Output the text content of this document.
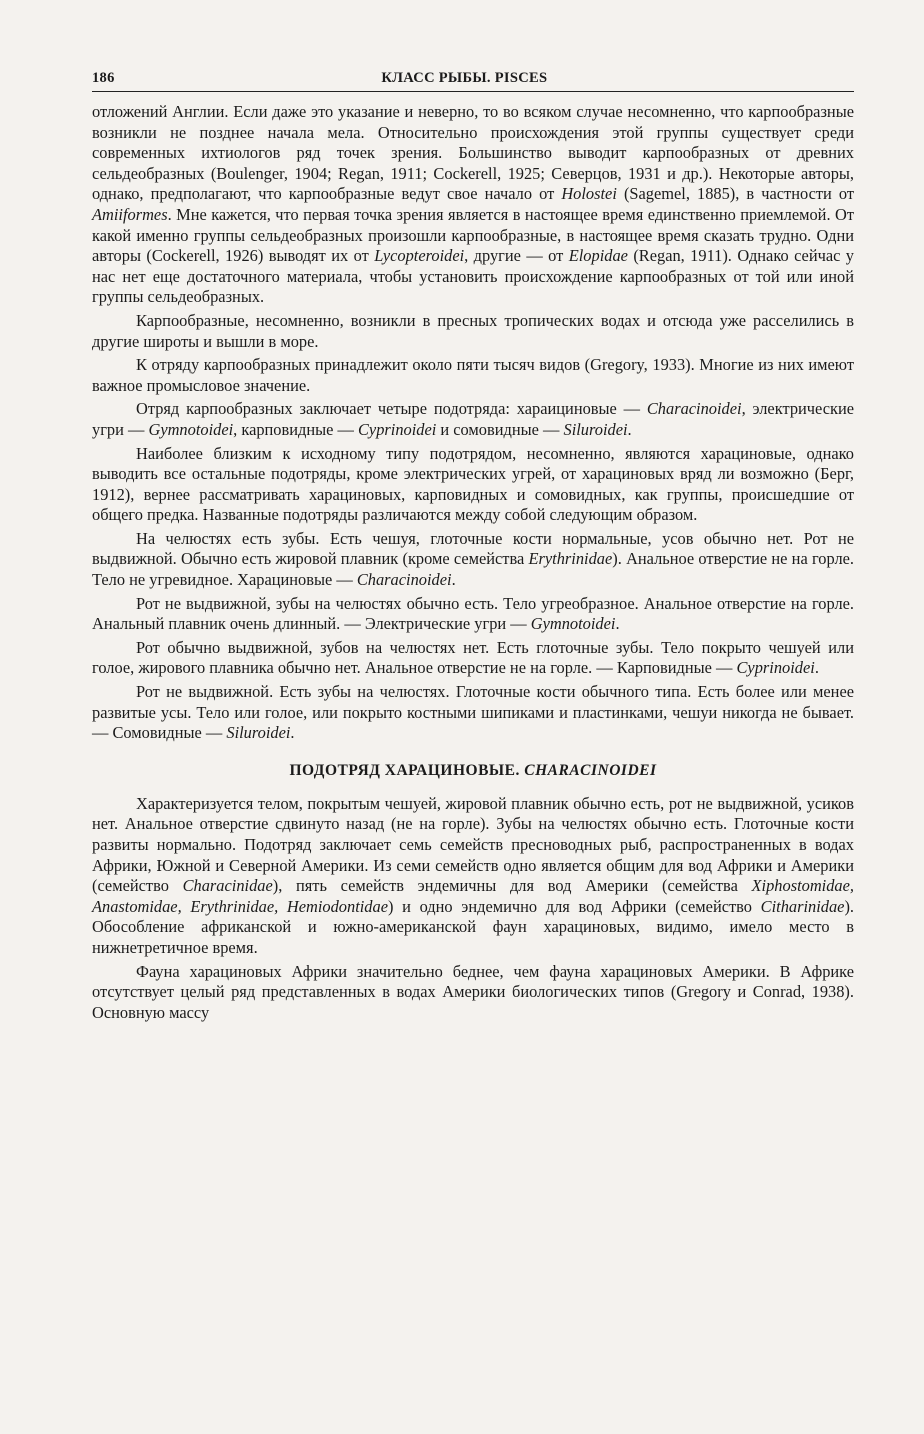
186	КЛАСС РЫБЫ. PISCES

отложений Англии. Если даже это указание и неверно, то во всяком случае несомненно, что карпообразные возникли не позднее начала мела. Относительно происхождения этой группы существует среди современных ихтиологов ряд точек зрения. Большинство выводит карпообразных от древних сельдеобразных (Boulenger, 1904; Regan, 1911; Cockerell, 1925; Северцов, 1931 и др.). Некоторые авторы, однако, предполагают, что карпообразные ведут свое начало от Holostei (Sagemel, 1885), в частности от Amiiformes. Мне кажется, что первая точка зрения является в настоящее время единственно приемлемой. От какой именно группы сельдеобразных произошли карпообразные, в настоящее время сказать трудно. Одни авторы (Cockerell, 1926) выводят их от Lycopteroidei, другие — от Elopidae (Regan, 1911). Однако сейчас у нас нет еще достаточного материала, чтобы установить происхождение карпообразных от той или иной группы сельдеобразных.

Карпообразные, несомненно, возникли в пресных тропических водах и отсюда уже расселились в другие широты и вышли в море.

К отряду карпообразных принадлежит около пяти тысяч видов (Gregory, 1933). Многие из них имеют важное промысловое значение.

Отряд карпообразных заключает четыре подотряда: хараициновые — Characinoidei, электрические угри — Gymnotoidei, карповидные — Cyprinoidei и сомовидные — Siluroidei.

Наиболее близким к исходному типу подотрядом, несомненно, являются харациновые, однако выводить все остальные подотряды, кроме электрических угрей, от харациновых вряд ли возможно (Берг, 1912), вернее рассматривать харациновых, карповидных и сомовидных, как группы, происшедшие от общего предка. Названные подотряды различаются между собой следующим образом.

На челюстях есть зубы. Есть чешуя, глоточные кости нормальные, усов обычно нет. Рот не выдвижной. Обычно есть жировой плавник (кроме семейства Erythrinidae). Анальное отверстие не на горле. Тело не угревидное. Харациновые — Characinoidei.

Рот не выдвижной, зубы на челюстях обычно есть. Тело угреобразное. Анальное отверстие на горле. Анальный плавник очень длинный. — Электрические угри — Gymnotoidei.

Рот обычно выдвижной, зубов на челюстях нет. Есть глоточные зубы. Тело покрыто чешуей или голое, жирового плавника обычно нет. Анальное отверстие не на горле. — Карповидные — Cyprinoidei.

Рот не выдвижной. Есть зубы на челюстях. Глоточные кости обычного типа. Есть более или менее развитые усы. Тело или голое, или покрыто костными шипиками и пластинками, чешуи никогда не бывает. — Сомовидные — Siluroidei.

ПОДОТРЯД ХАРАЦИНОВЫЕ. CHARACINOIDEI

Характеризуется телом, покрытым чешуей, жировой плавник обычно есть, рот не выдвижной, усиков нет. Анальное отверстие сдвинуто назад (не на горле). Зубы на челюстях обычно есть. Глоточные кости развиты нормально. Подотряд заключает семь семейств пресноводных рыб, распространенных в водах Африки, Южной и Северной Америки. Из семи семейств одно является общим для вод Африки и Америки (семейство Characinidae), пять семейств эндемичны для вод Америки (семейства Xiphostomidae, Anastomidae, Erythrinidae, Hemiodontidae) и одно эндемично для вод Африки (семейство Citharinidae). Обособление африканской и южно-американской фаун харациновых, видимо, имело место в нижнетретичное время.

Фауна харациновых Африки значительно беднее, чем фауна харациновых Америки. В Африке отсутствует целый ряд представленных в водах Америки биологических типов (Gregory и Conrad, 1938). Основную массу
